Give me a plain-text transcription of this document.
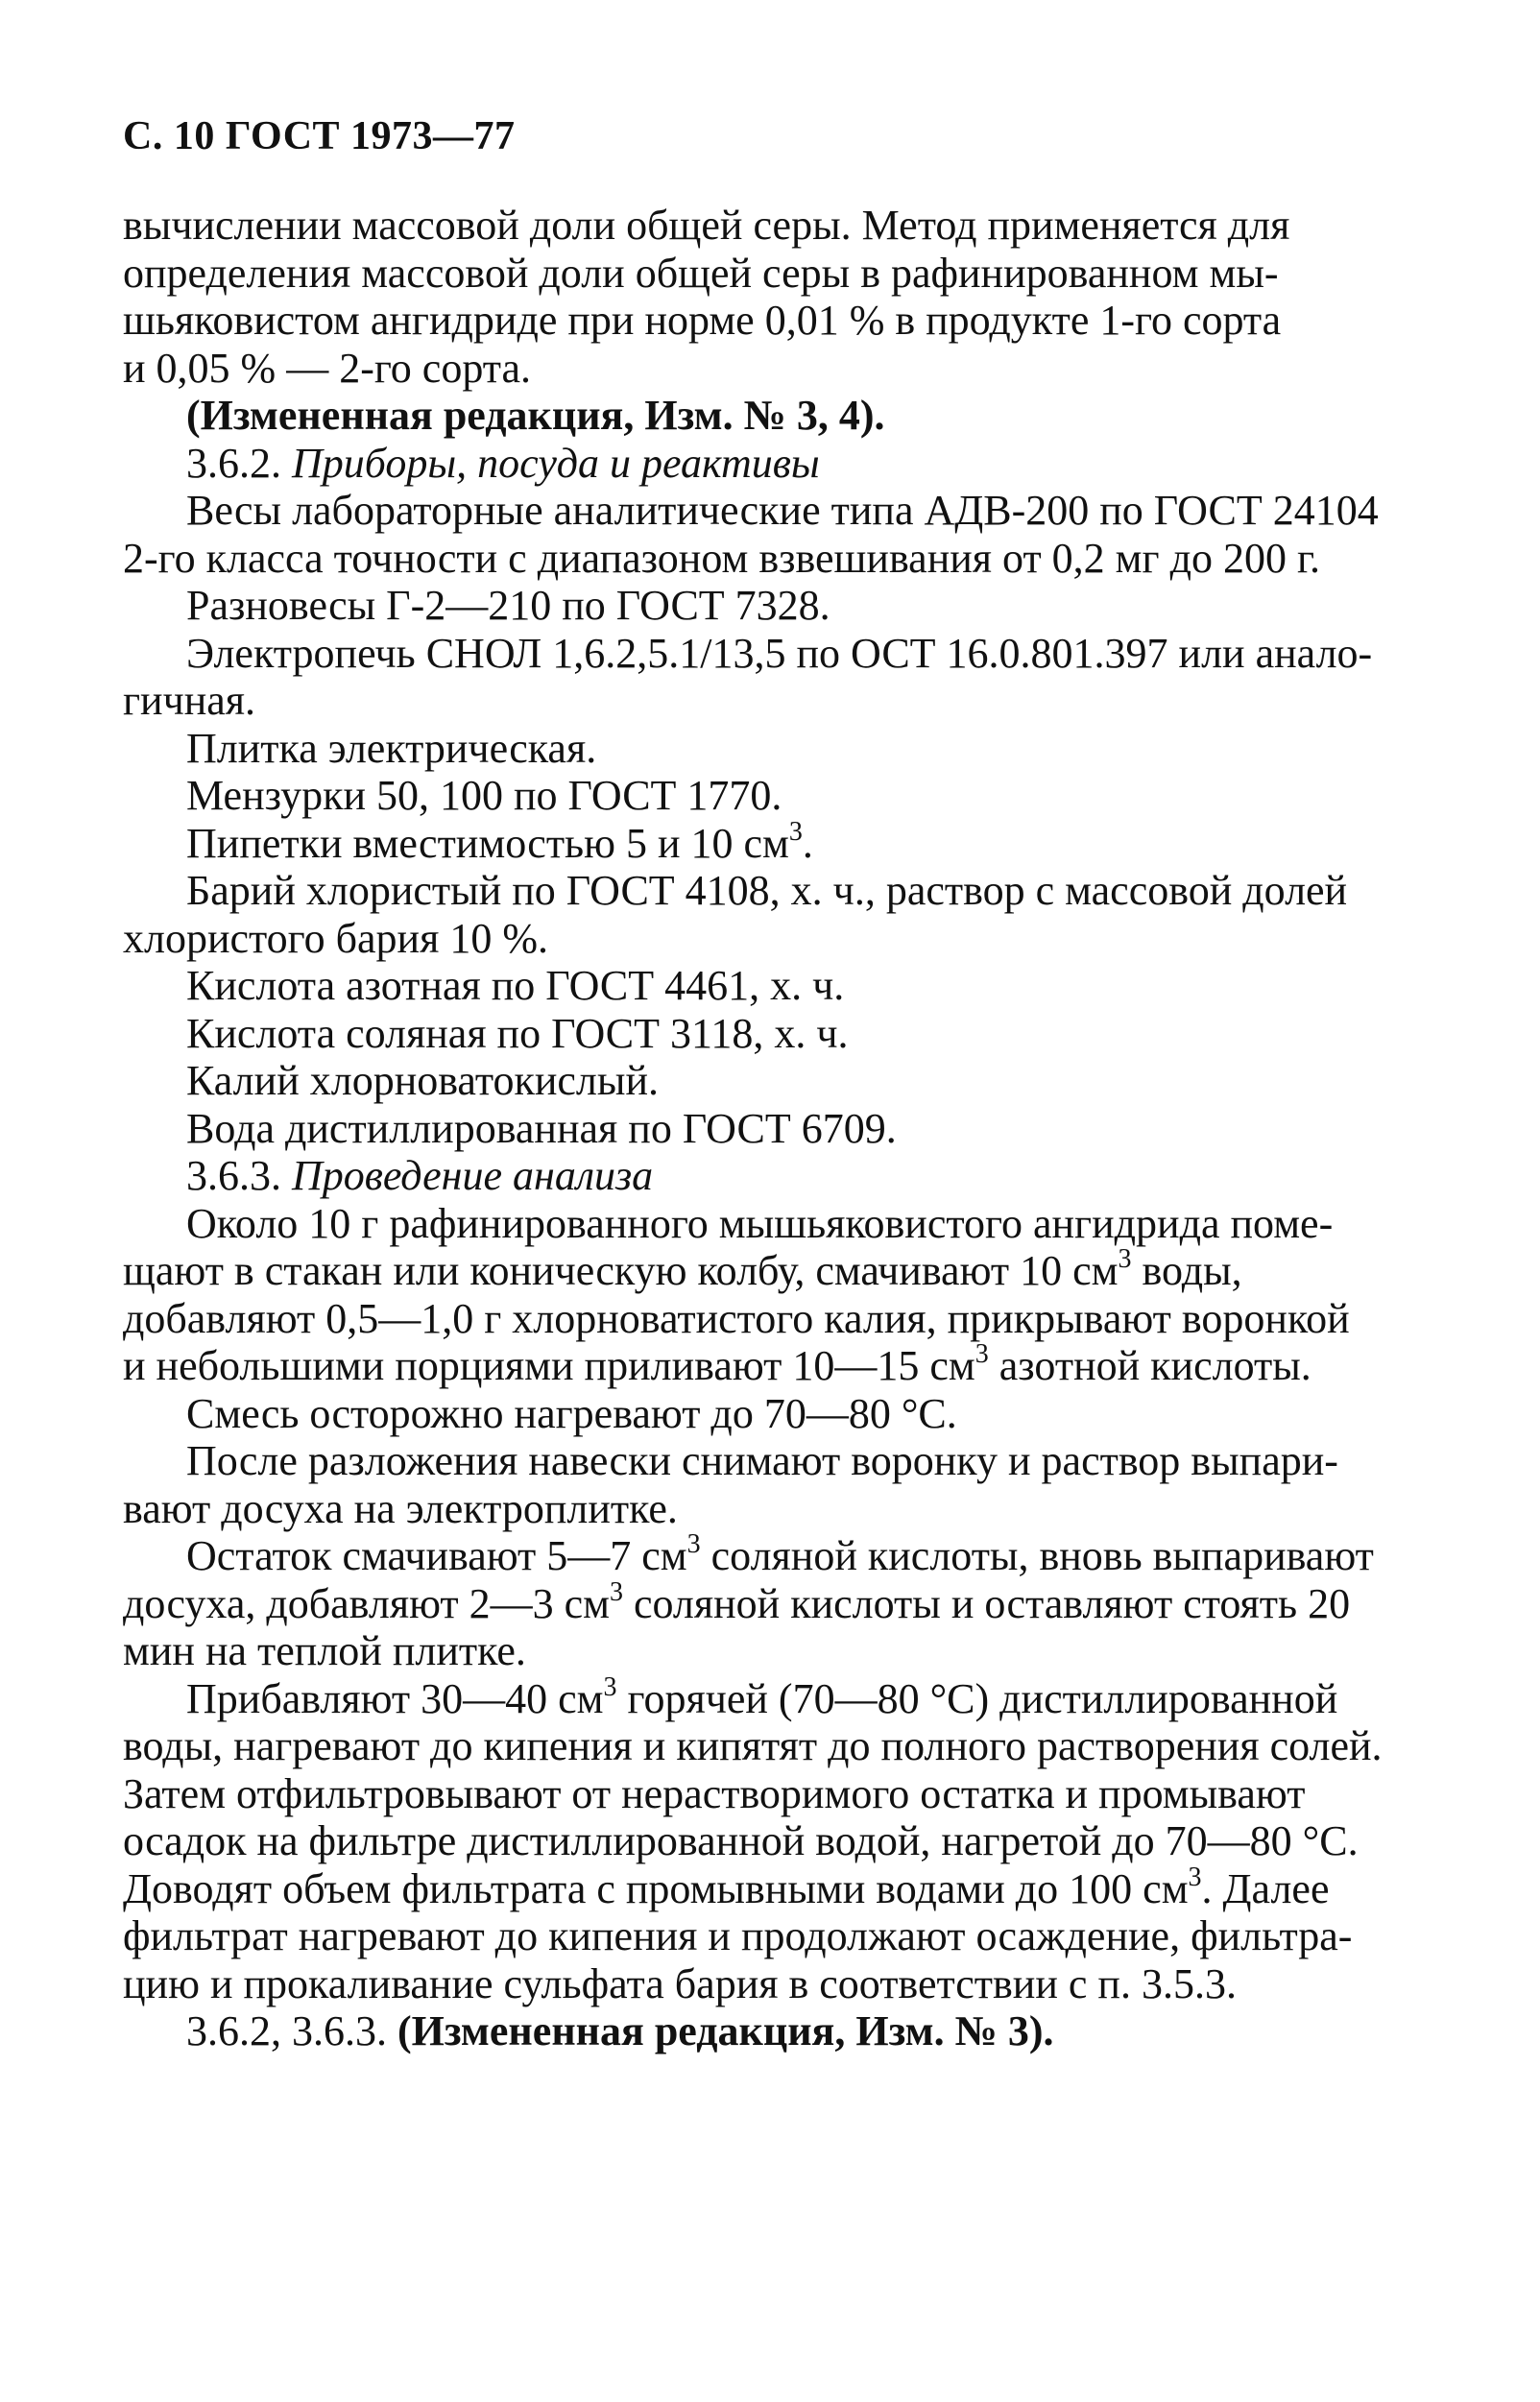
С. 10 ГОСТ 1973—77

вычислении массовой доли общей серы. Метод применяется для

определения массовой доли общей серы в рафинированном мы-

шьяковистом ангидриде при норме 0,01 % в продукте 1-го сорта

и 0,05 % — 2-го сорта.

(Измененная редакция, Изм. № 3, 4).

3.6.2. Приборы, посуда и реактивы

Весы лабораторные аналитические типа АДВ-200 по ГОСТ 24104

2-го класса точности с диапазоном взвешивания от 0,2 мг до 200 г.

Разновесы Г-2—210 по ГОСТ 7328.

Электропечь СНОЛ 1,6.2,5.1/13,5 по ОСТ 16.0.801.397 или анало-

гичная.

Плитка электрическая.

Мензурки 50, 100 по ГОСТ 1770.

Пипетки вместимостью 5 и 10 $см^3$.

Барий хлористый по ГОСТ 4108, х. ч., раствор с массовой долей

хлористого бария 10 %.

Кислота азотная по ГОСТ 4461, х. ч.

Кислота соляная по ГОСТ 3118, х. ч.

Калий хлорноватокислый.

Вода дистиллированная по ГОСТ 6709.

3.6.3. Проведение анализа

Около 10 г рафинированного мышьяковистого ангидрида поме-

щают в стакан или коническую колбу, смачивают 10 $см^3$ воды,

добавляют 0,5—1,0 г хлорноватистого калия, прикрывают воронкой

и небольшими порциями приливают 10—15 $см^3$ азотной кислоты.

Смесь осторожно нагревают до 70—80 °С.

После разложения навески снимают воронку и раствор выпари-

вают досуха на электроплитке.

Остаток смачивают 5—7 $см^3$ соляной кислоты, вновь выпаривают

досуха, добавляют 2—3 $см^3$ соляной кислоты и оставляют стоять 20

мин на теплой плитке.

Прибавляют 30—40 $см^3$ горячей (70—80 °С) дистиллированной

воды, нагревают до кипения и кипятят до полного растворения солей.

Затем отфильтровывают от нерастворимого остатка и промывают

осадок на фильтре дистиллированной водой, нагретой до 70—80 °С.

Доводят объем фильтрата с промывными водами до 100 $см^3$. Далее

фильтрат нагревают до кипения и продолжают осаждение, фильтра-

цию и прокаливание сульфата бария в соответствии с п. 3.5.3.

3.6.2, 3.6.3. (Измененная редакция, Изм. № 3).
